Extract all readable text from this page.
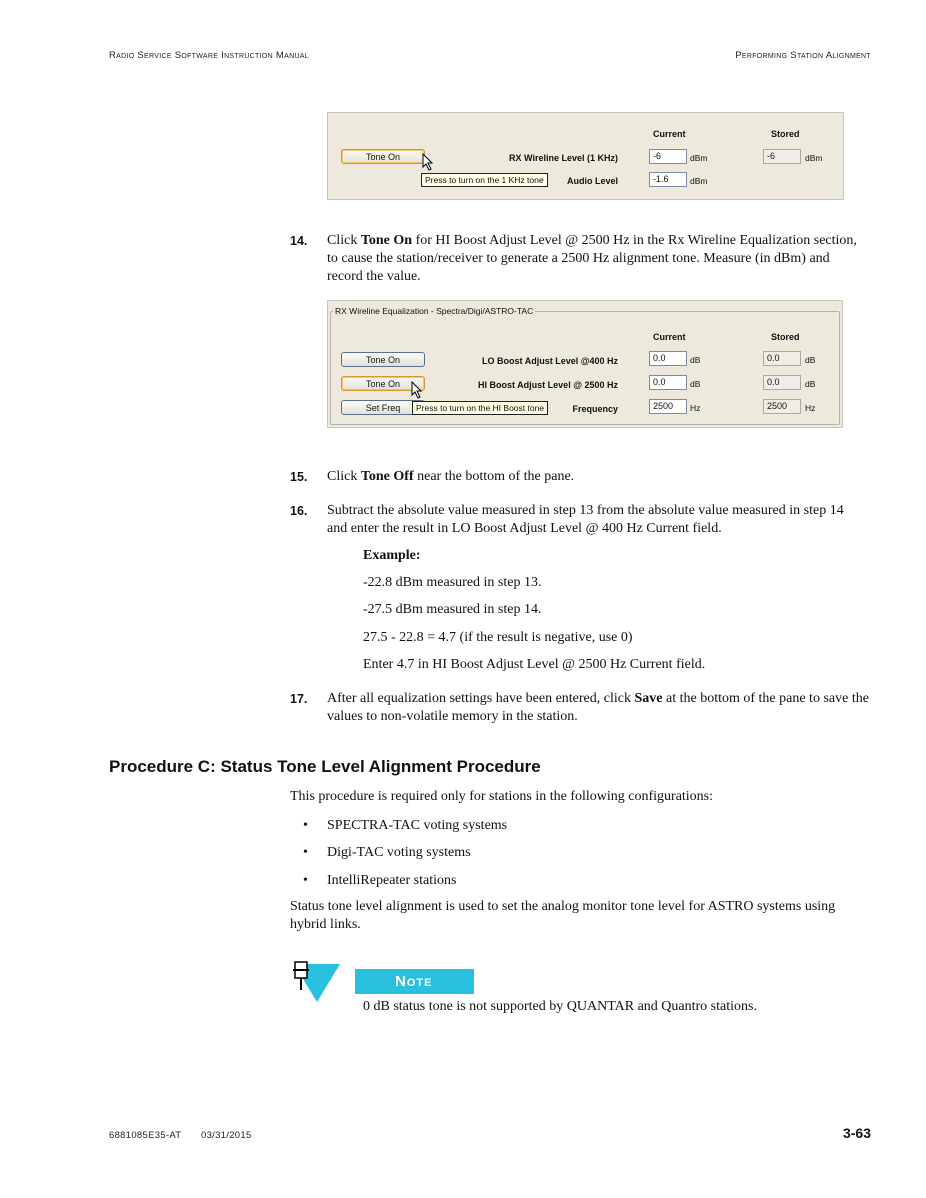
Radio Service Software Instruction Manual	Performing Station Alignment
Current	Stored
Tone On	RX Wireline Level (1 KHz)	-6	dBm	-6	dBm
Press to turn on the 1 KHz tone	Audio Level	-1.6	dBm
14. Click Tone On for HI Boost Adjust Level @ 2500 Hz in the Rx Wireline Equalization section, to cause the station/receiver to generate a 2500 Hz alignment tone. Measure (in dBm) and record the value.
RX Wireline Equalization - Spectra/Digi/ASTRO-TAC
Current	Stored
Tone On	LO Boost Adjust Level @400 Hz	0.0	dB	0.0	dB
Tone On	HI Boost Adjust Level @ 2500 Hz	0.0	dB	0.0	dB
Set Freq	Press to turn on the HI Boost tone	Frequency	2500	Hz	2500	Hz
15. Click Tone Off near the bottom of the pane.
16. Subtract the absolute value measured in step 13 from the absolute value measured in step 14 and enter the result in LO Boost Adjust Level @ 400 Hz Current field.
Example:
-22.8 dBm measured in step 13.
-27.5 dBm measured in step 14.
27.5 - 22.8 = 4.7 (if the result is negative, use 0)
Enter 4.7 in HI Boost Adjust Level @ 2500 Hz Current field.
17. After all equalization settings have been entered, click Save at the bottom of the pane to save the values to non-volatile memory in the station.
Procedure C: Status Tone Level Alignment Procedure
This procedure is required only for stations in the following configurations:
• SPECTRA-TAC voting systems
• Digi-TAC voting systems
• IntelliRepeater stations
Status tone level alignment is used to set the analog monitor tone level for ASTRO systems using hybrid links.
Note
0 dB status tone is not supported by QUANTAR and Quantro stations.
6881085E35-AT 03/31/2015	3-63
